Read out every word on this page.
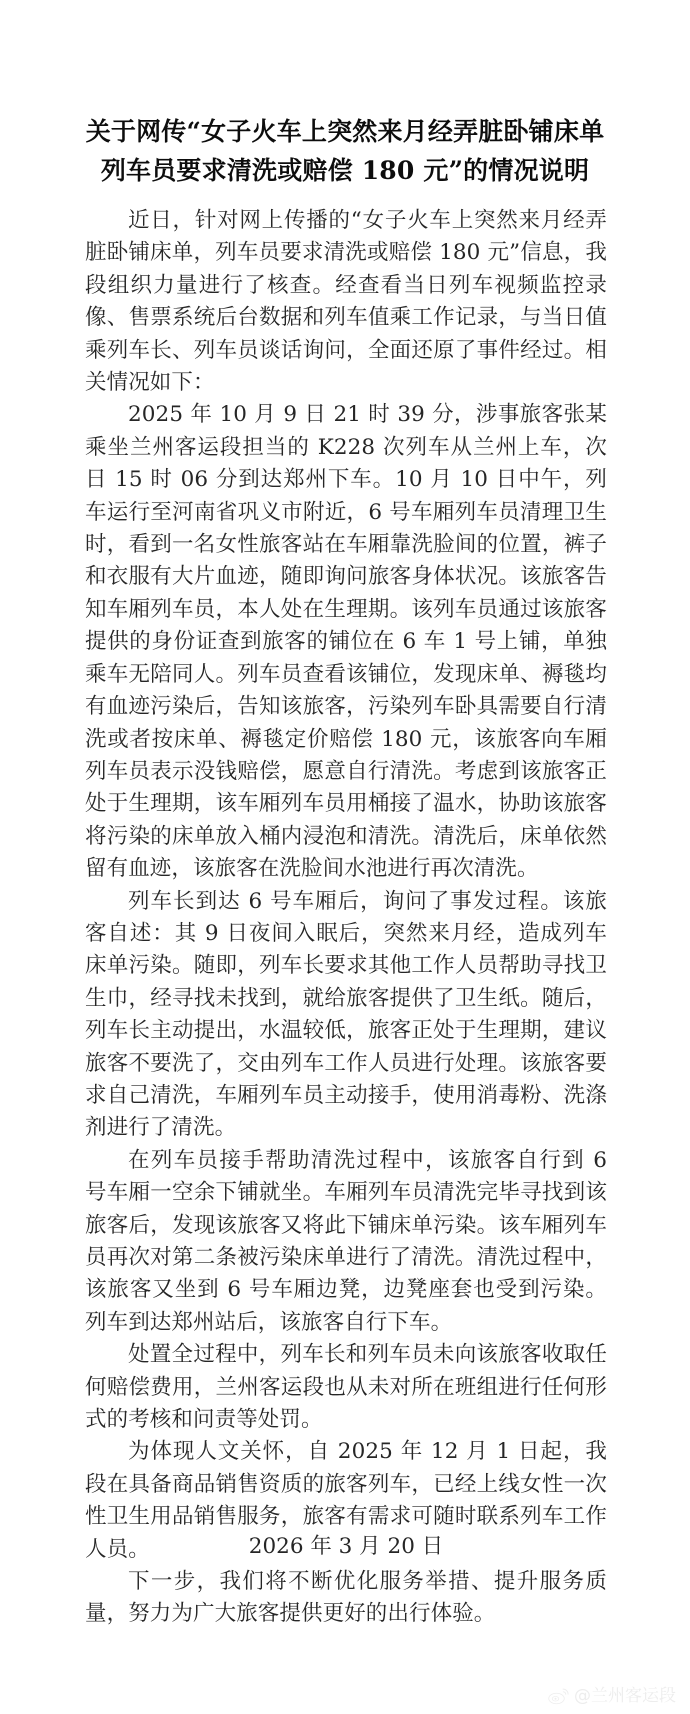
关于网传“女子火车上突然来月经弄脏卧铺床单
列车员要求清洗或赔偿 180 元”的情况说明

近日，针对网上传播的“女子火车上突然来月经弄脏卧铺床单，列车员要求清洗或赔偿 180 元”信息，我段组织力量进行了核查。经查看当日列车视频监控录像、售票系统后台数据和列车值乘工作记录，与当日值乘列车长、列车员谈话询问，全面还原了事件经过。相关情况如下：

2025 年 10 月 9 日 21 时 39 分，涉事旅客张某乘坐兰州客运段担当的 K228 次列车从兰州上车，次日 15 时 06 分到达郑州下车。10 月 10 日中午，列车运行至河南省巩义市附近，6 号车厢列车员清理卫生时，看到一名女性旅客站在车厢靠洗脸间的位置，裤子和衣服有大片血迹，随即询问旅客身体状况。该旅客告知车厢列车员，本人处在生理期。该列车员通过该旅客提供的身份证查到旅客的铺位在 6 车 1 号上铺，单独乘车无陪同人。列车员查看该铺位，发现床单、褥毯均有血迹污染后，告知该旅客，污染列车卧具需要自行清洗或者按床单、褥毯定价赔偿 180 元，该旅客向车厢列车员表示没钱赔偿，愿意自行清洗。考虑到该旅客正处于生理期，该车厢列车员用桶接了温水，协助该旅客将污染的床单放入桶内浸泡和清洗。清洗后，床单依然留有血迹，该旅客在洗脸间水池进行再次清洗。

列车长到达 6 号车厢后，询问了事发过程。该旅客自述：其 9 日夜间入眠后，突然来月经，造成列车床单污染。随即，列车长要求其他工作人员帮助寻找卫生巾，经寻找未找到，就给旅客提供了卫生纸。随后，列车长主动提出，水温较低，旅客正处于生理期，建议旅客不要洗了，交由列车工作人员进行处理。该旅客要求自己清洗，车厢列车员主动接手，使用消毒粉、洗涤剂进行了清洗。

在列车员接手帮助清洗过程中，该旅客自行到 6 号车厢一空余下铺就坐。车厢列车员清洗完毕寻找到该旅客后，发现该旅客又将此下铺床单污染。该车厢列车员再次对第二条被污染床单进行了清洗。清洗过程中，该旅客又坐到 6 号车厢边凳，边凳座套也受到污染。列车到达郑州站后，该旅客自行下车。

处置全过程中，列车长和列车员未向该旅客收取任何赔偿费用，兰州客运段也从未对所在班组进行任何形式的考核和问责等处罚。

为体现人文关怀，自 2025 年 12 月 1 日起，我段在具备商品销售资质的旅客列车，已经上线女性一次性卫生用品销售服务，旅客有需求可随时联系列车工作人员。

下一步，我们将不断优化服务举措、提升服务质量，努力为广大旅客提供更好的出行体验。

2026 年 3 月 20 日
@兰州客运段
